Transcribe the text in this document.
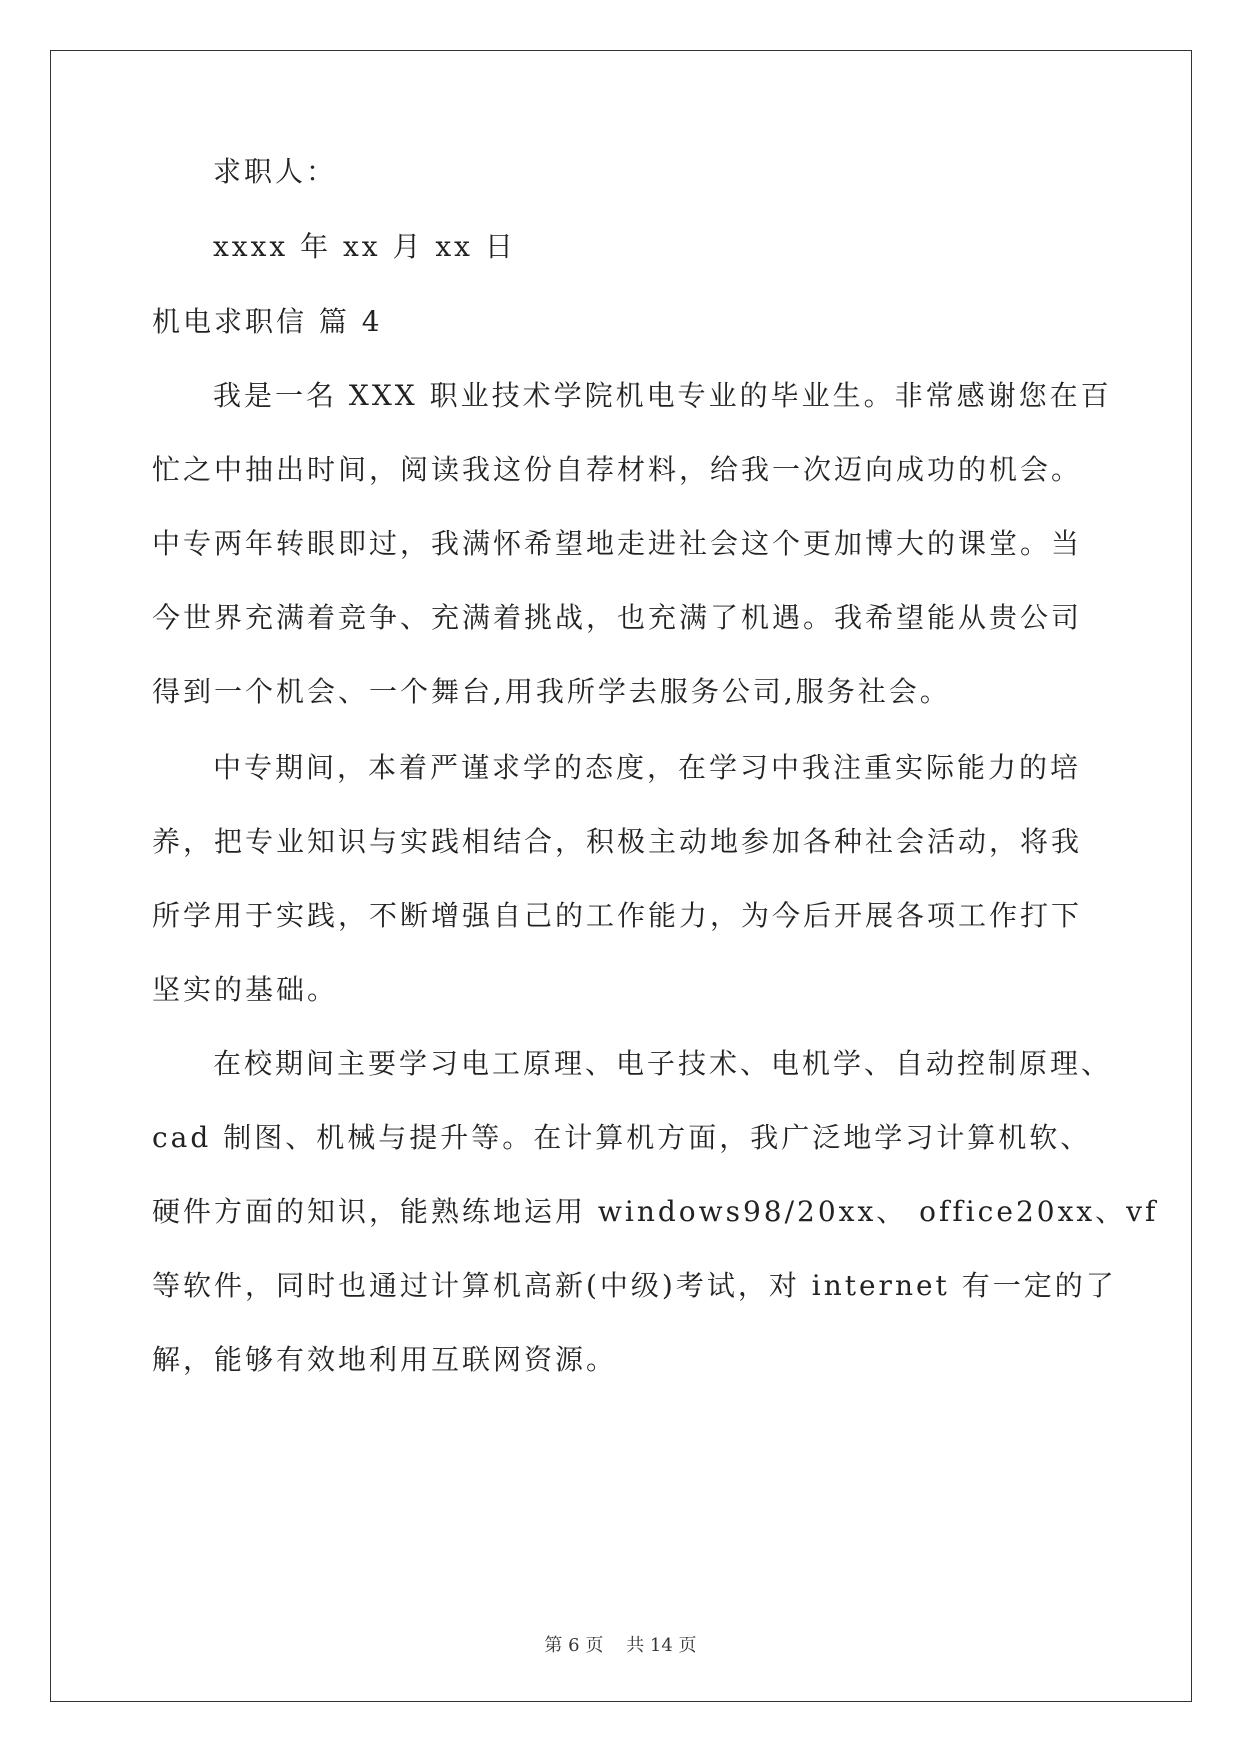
求职人：
xxxx 年 xx 月 xx 日
机电求职信 篇 4
我是一名 XXX 职业技术学院机电专业的毕业生。非常感谢您在百
忙之中抽出时间，阅读我这份自荐材料，给我一次迈向成功的机会。
中专两年转眼即过，我满怀希望地走进社会这个更加博大的课堂。当
今世界充满着竞争、充满着挑战，也充满了机遇。我希望能从贵公司
得到一个机会、一个舞台,用我所学去服务公司,服务社会。
中专期间，本着严谨求学的态度，在学习中我注重实际能力的培
养，把专业知识与实践相结合，积极主动地参加各种社会活动，将我
所学用于实践，不断增强自己的工作能力，为今后开展各项工作打下
坚实的基础。
在校期间主要学习电工原理、电子技术、电机学、自动控制原理、
cad 制图、机械与提升等。在计算机方面，我广泛地学习计算机软、
硬件方面的知识，能熟练地运用 windows98/20xx、 office20xx、vf
等软件，同时也通过计算机高新(中级)考试，对 internet 有一定的了
解，能够有效地利用互联网资源。
第 6 页    共 14 页
